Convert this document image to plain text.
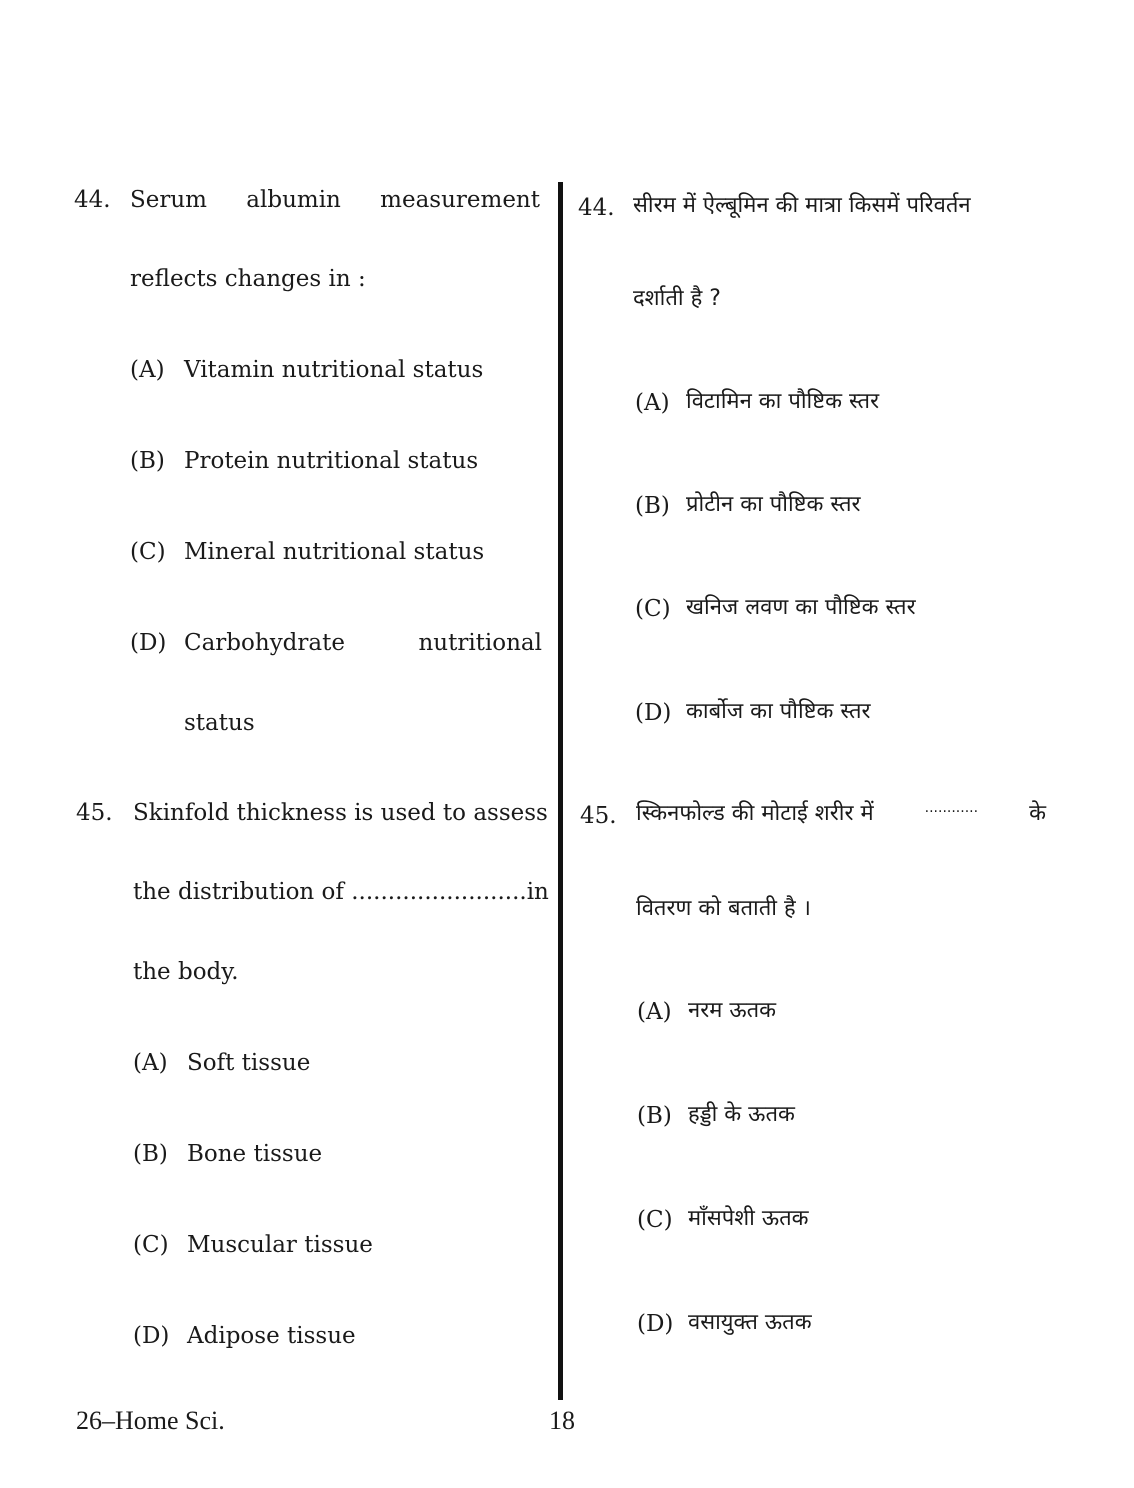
44. Serum albumin measurement
reflects changes in :
(A) Vitamin nutritional status
(B) Protein nutritional status
(C) Mineral nutritional status
(D) Carbohydrate	nutritional
status
45. Skinfold thickness is used to assess
the distribution of ........................ in
the body.
(A) Soft tissue
(B) Bone tissue
(C) Muscular tissue
(D) Adipose tissue
44. सीरम में ऐल्बूमिन की मात्रा किसमें परिवर्तन
दर्शाती है ?
(A) विटामिन का पौष्टिक स्तर
(B) प्रोटीन का पौष्टिक स्तर
(C) खनिज लवण का पौष्टिक स्तर
(D) कार्बोज का पौष्टिक स्तर
45. स्किनफोल्ड की मोटाई शरीर में	............ के
वितरण को बताती है ।
(A) नरम ऊतक
(B) हड्डी के ऊतक
(C) माँसपेशी ऊतक
(D) वसायुक्त ऊतक
26–Home Sci.	18
